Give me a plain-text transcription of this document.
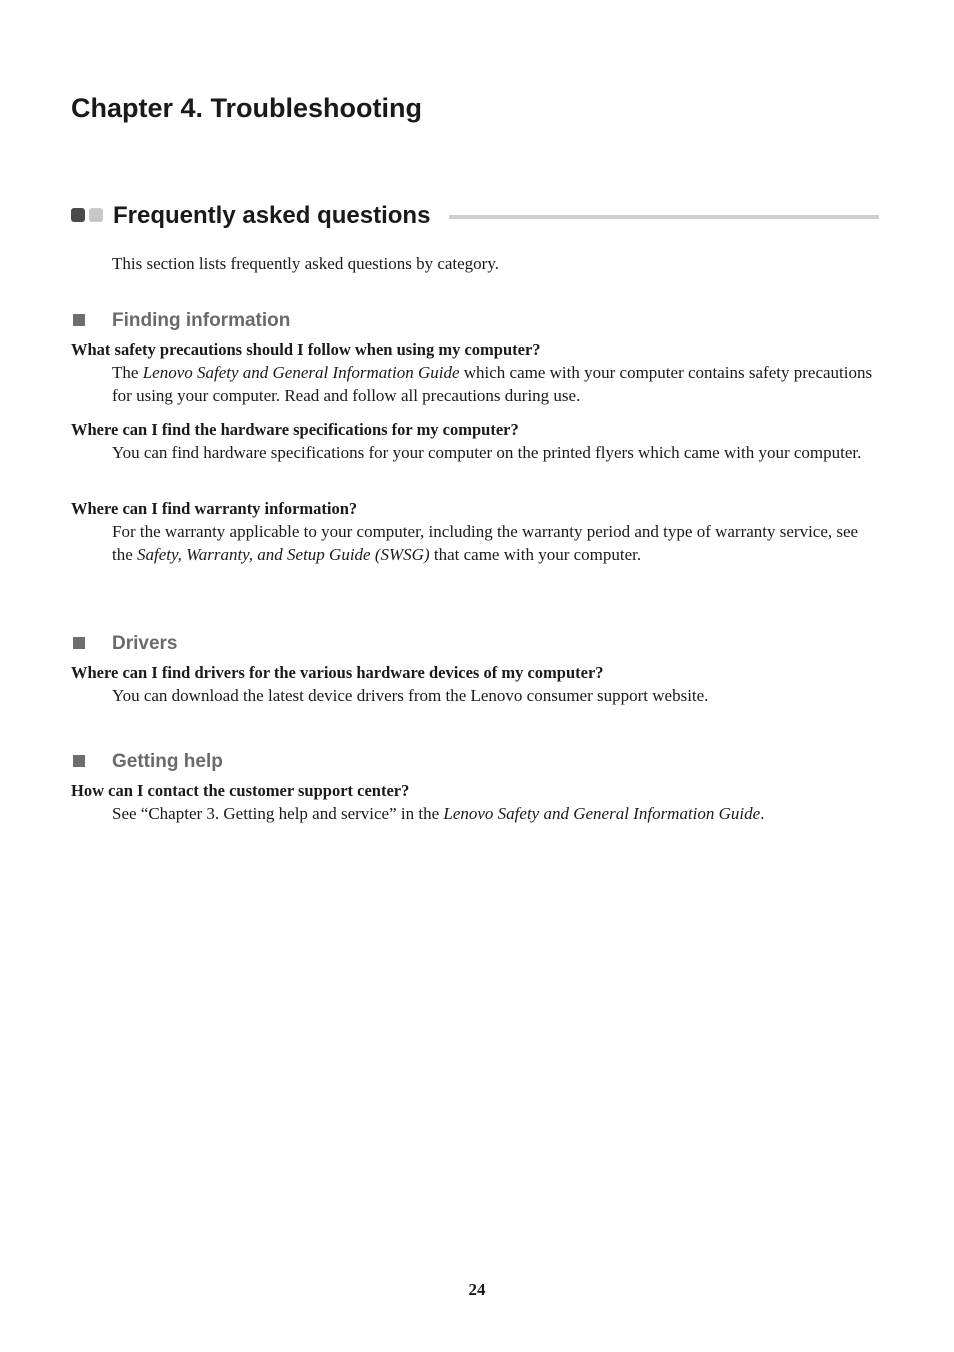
Chapter 4. Troubleshooting
Frequently asked questions
This section lists frequently asked questions by category.
Finding information
What safety precautions should I follow when using my computer?
The Lenovo Safety and General Information Guide which came with your computer contains safety precautions for using your computer. Read and follow all precautions during use.
Where can I find the hardware specifications for my computer?
You can find hardware specifications for your computer on the printed flyers which came with your computer.
Where can I find warranty information?
For the warranty applicable to your computer, including the warranty period and type of warranty service, see the Safety, Warranty, and Setup Guide (SWSG) that came with your computer.
Drivers
Where can I find drivers for the various hardware devices of my computer?
You can download the latest device drivers from the Lenovo consumer support website.
Getting help
How can I contact the customer support center?
See “Chapter 3. Getting help and service” in the Lenovo Safety and General Information Guide.
24
